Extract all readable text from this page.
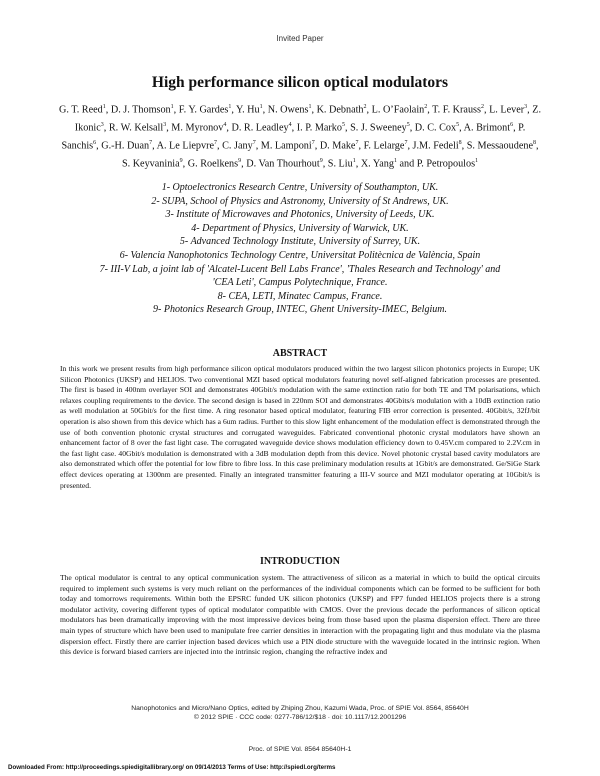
Invited Paper
High performance silicon optical modulators
G. T. Reed$^1$, D. J. Thomson$^1$, F. Y. Gardes$^1$, Y. Hu$^1$, N. Owens$^1$, K. Debnath$^2$, L. O’Faolain$^2$, T. F. Krauss$^2$, L. Lever$^3$, Z. Ikonic$^3$, R. W. Kelsall$^3$, M. Myronov$^4$, D. R. Leadley$^4$, I. P. Marko$^5$, S. J. Sweeney$^5$, D. C. Cox$^5$, A. Brimont$^6$, P. Sanchis$^6$, G.-H. Duan$^7$, A. Le Liepvre$^7$, C. Jany$^7$, M. Lamponi$^7$, D. Make$^7$, F. Lelarge$^7$, J.M. Fedeli$^8$, S. Messaoudene$^8$, S. Keyvaninia$^9$, G. Roelkens$^9$, D. Van Thourhout$^9$, S. Liu$^1$, X. Yang$^1$ and P. Petropoulos$^1$
1- Optoelectronics Research Centre, University of Southampton, UK.
2- SUPA, School of Physics and Astronomy, University of St Andrews, UK.
3- Institute of Microwaves and Photonics, University of Leeds, UK.
4- Department of Physics, University of Warwick, UK.
5- Advanced Technology Institute, University of Surrey, UK.
6- Valencia Nanophotonics Technology Centre, Universitat Politècnica de València, Spain
7- III-V Lab, a joint lab of 'Alcatel-Lucent Bell Labs France', 'Thales Research and Technology' and
'CEA Leti', Campus Polytechnique, France.
8- CEA, LETI, Minatec Campus, France.
9- Photonics Research Group, INTEC, Ghent University-IMEC, Belgium.
ABSTRACT
In this work we present results from high performance silicon optical modulators produced within the two largest silicon photonics projects in Europe; UK Silicon Photonics (UKSP) and HELIOS. Two conventional MZI based optical modulators featuring novel self-aligned fabrication processes are presented. The first is based in 400nm overlayer SOI and demonstrates 40Gbit/s modulation with the same extinction ratio for both TE and TM polarisations, which relaxes coupling requirements to the device. The second design is based in 220nm SOI and demonstrates 40Gbits/s modulation with a 10dB extinction ratio as well modulation at 50Gbit/s for the first time. A ring resonator based optical modulator, featuring FIB error correction is presented. 40Gbit/s, 32fJ/bit operation is also shown from this device which has a 6um radius. Further to this slow light enhancement of the modulation effect is demonstrated through the use of both convention photonic crystal structures and corrugated waveguides. Fabricated conventional photonic crystal modulators have shown an enhancement factor of 8 over the fast light case. The corrugated waveguide device shows modulation efficiency down to 0.45V.cm compared to 2.2V.cm in the fast light case. 40Gbit/s modulation is demonstrated with a 3dB modulation depth from this device. Novel photonic crystal based cavity modulators are also demonstrated which offer the potential for low fibre to fibre loss. In this case preliminary modulation results at 1Gbit/s are demonstrated. Ge/SiGe Stark effect devices operating at 1300nm are presented. Finally an integrated transmitter featuring a III-V source and MZI modulator operating at 10Gbit/s is presented.
INTRODUCTION
The optical modulator is central to any optical communication system. The attractiveness of silicon as a material in which to build the optical circuits required to implement such systems is very much reliant on the performances of the individual components which can be formed to be sufficient for both today and tomorrows requirements. Within both the EPSRC funded UK silicon photonics (UKSP) and FP7 funded HELIOS projects there is a strong modulator activity, covering different types of optical modulator compatible with CMOS. Over the previous decade the performances of silicon optical modulators has been dramatically improving with the most impressive devices being from those based upon the plasma dispersion effect. There are three main types of structure which have been used to manipulate free carrier densities in interaction with the propagating light and thus modulate via the plasma dispersion effect. Firstly there are carrier injection based devices which use a PIN diode structure with the waveguide located in the intrinsic region. When this device is forward biased carriers are injected into the intrinsic region, changing the refractive index and
Nanophotonics and Micro/Nano Optics, edited by Zhiping Zhou, Kazumi Wada, Proc. of SPIE Vol. 8564, 85640H
© 2012 SPIE · CCC code: 0277-786/12/$18 · doi: 10.1117/12.2001296
Proc. of SPIE Vol. 8564 85640H-1
Downloaded From: http://proceedings.spiedigitallibrary.org/ on 09/14/2013 Terms of Use: http://spiedl.org/terms
